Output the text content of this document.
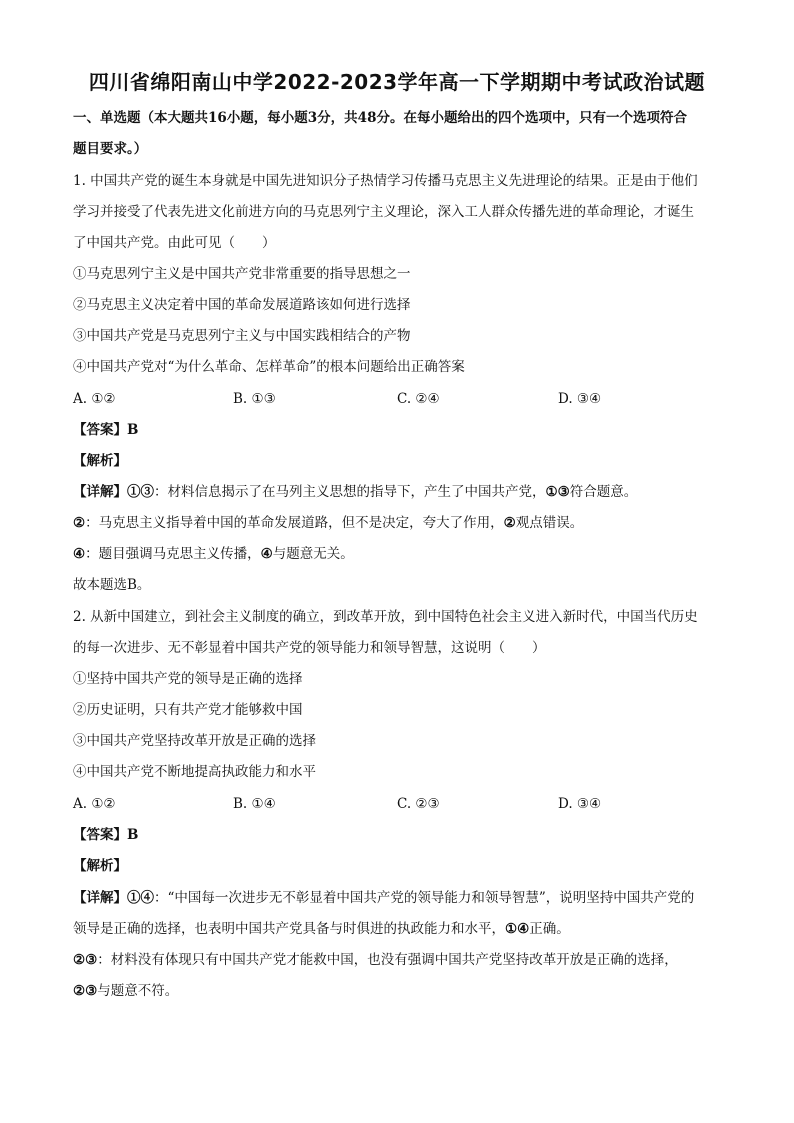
四川省绵阳南山中学2022-2023学年高一下学期期中考试政治试题
一、单选题（本大题共16小题，每小题3分，共48分。在每小题给出的四个选项中，只有一个选项符合
题目要求。）
1. 中国共产党的诞生本身就是中国先进知识分子热情学习传播马克思主义先进理论的结果。正是由于他们
学习并接受了代表先进文化前进方向的马克思列宁主义理论，深入工人群众传播先进的革命理论，才诞生
了中国共产党。由此可见（　　）
①马克思列宁主义是中国共产党非常重要的指导思想之一
②马克思主义决定着中国的革命发展道路该如何进行选择
③中国共产党是马克思列宁主义与中国实践相结合的产物
④中国共产党对“为什么革命、怎样革命”的根本问题给出正确答案
A. ①②	B. ①③	C. ②④	D. ③④
【答案】B
【解析】
【详解】①③：材料信息揭示了在马列主义思想的指导下，产生了中国共产党，①③符合题意。
②：马克思主义指导着中国的革命发展道路，但不是决定，夸大了作用，②观点错误。
④：题目强调马克思主义传播，④与题意无关。
故本题选B。
2. 从新中国建立，到社会主义制度的确立，到改革开放，到中国特色社会主义进入新时代，中国当代历史
的每一次进步、无不彰显着中国共产党的领导能力和领导智慧，这说明（　　）
①坚持中国共产党的领导是正确的选择
②历史证明，只有共产党才能够救中国
③中国共产党坚持改革开放是正确的选择
④中国共产党不断地提高执政能力和水平
A. ①②	B. ①④	C. ②③	D. ③④
【答案】B
【解析】
【详解】①④：“中国每一次进步无不彰显着中国共产党的领导能力和领导智慧”，说明坚持中国共产党的
领导是正确的选择，也表明中国共产党具备与时俱进的执政能力和水平，①④正确。
②③：材料没有体现只有中国共产党才能救中国，也没有强调中国共产党坚持改革开放是正确的选择，
②③与题意不符。
